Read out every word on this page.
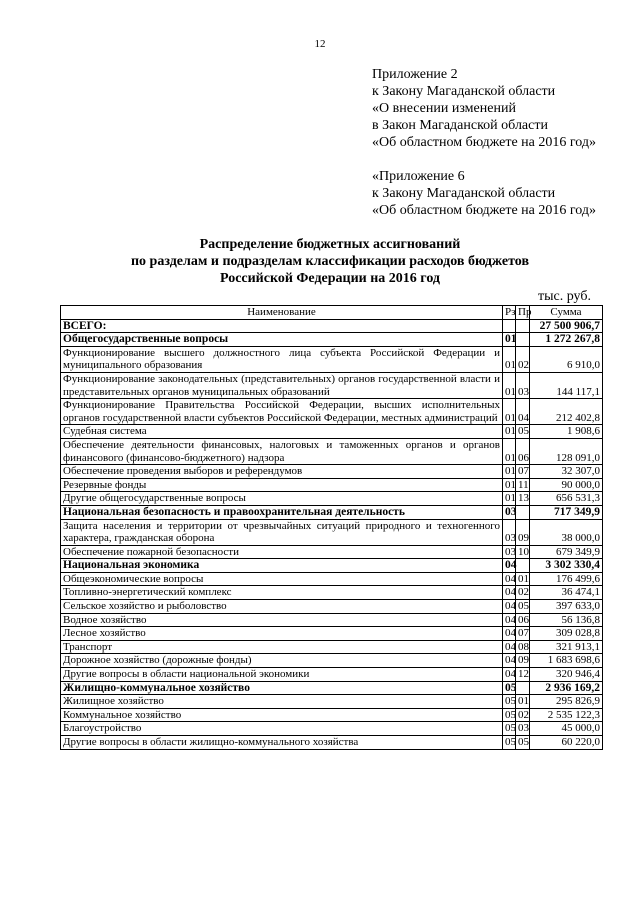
12
Приложение 2
к Закону Магаданской области
«О внесении изменений
в Закон Магаданской области
«Об областном бюджете на 2016 год»
«Приложение 6
к Закону Магаданской области
«Об областном бюджете на 2016 год»
Распределение бюджетных ассигнований
по разделам и подразделам классификации расходов бюджетов
Российской Федерации на 2016 год
тыс. руб.
Наименование	Рз	Пр	Сумма
ВСЕГО:			27 500 906,7
Общегосударственные вопросы	01		1 272 267,8
Функционирование высшего должностного лица субъекта Российской Федерации и муниципального образования	01	02	6 910,0
Функционирование законодательных (представительных) органов государственной власти и представительных органов муниципальных образований	01	03	144 117,1
Функционирование Правительства Российской Федерации, высших исполнительных органов государственной власти субъектов Российской Федерации, местных администраций	01	04	212 402,8
Судебная система	01	05	1 908,6
Обеспечение деятельности финансовых, налоговых и таможенных органов и органов финансового (финансово-бюджетного) надзора	01	06	128 091,0
Обеспечение проведения выборов и референдумов	01	07	32 307,0
Резервные фонды	01	11	90 000,0
Другие общегосударственные вопросы	01	13	656 531,3
Национальная безопасность и правоохранительная деятельность	03		717 349,9
Защита населения и территории от чрезвычайных ситуаций природного и техногенного характера, гражданская оборона	03	09	38 000,0
Обеспечение пожарной безопасности	03	10	679 349,9
Национальная экономика	04		3 302 330,4
Общеэкономические вопросы	04	01	176 499,6
Топливно-энергетический комплекс	04	02	36 474,1
Сельское хозяйство и рыболовство	04	05	397 633,0
Водное хозяйство	04	06	56 136,8
Лесное хозяйство	04	07	309 028,8
Транспорт	04	08	321 913,1
Дорожное хозяйство (дорожные фонды)	04	09	1 683 698,6
Другие вопросы в области национальной экономики	04	12	320 946,4
Жилищно-коммунальное хозяйство	05		2 936 169,2
Жилищное хозяйство	05	01	295 826,9
Коммунальное хозяйство	05	02	2 535 122,3
Благоустройство	05	03	45 000,0
Другие вопросы в области жилищно-коммунального хозяйства	05	05	60 220,0
